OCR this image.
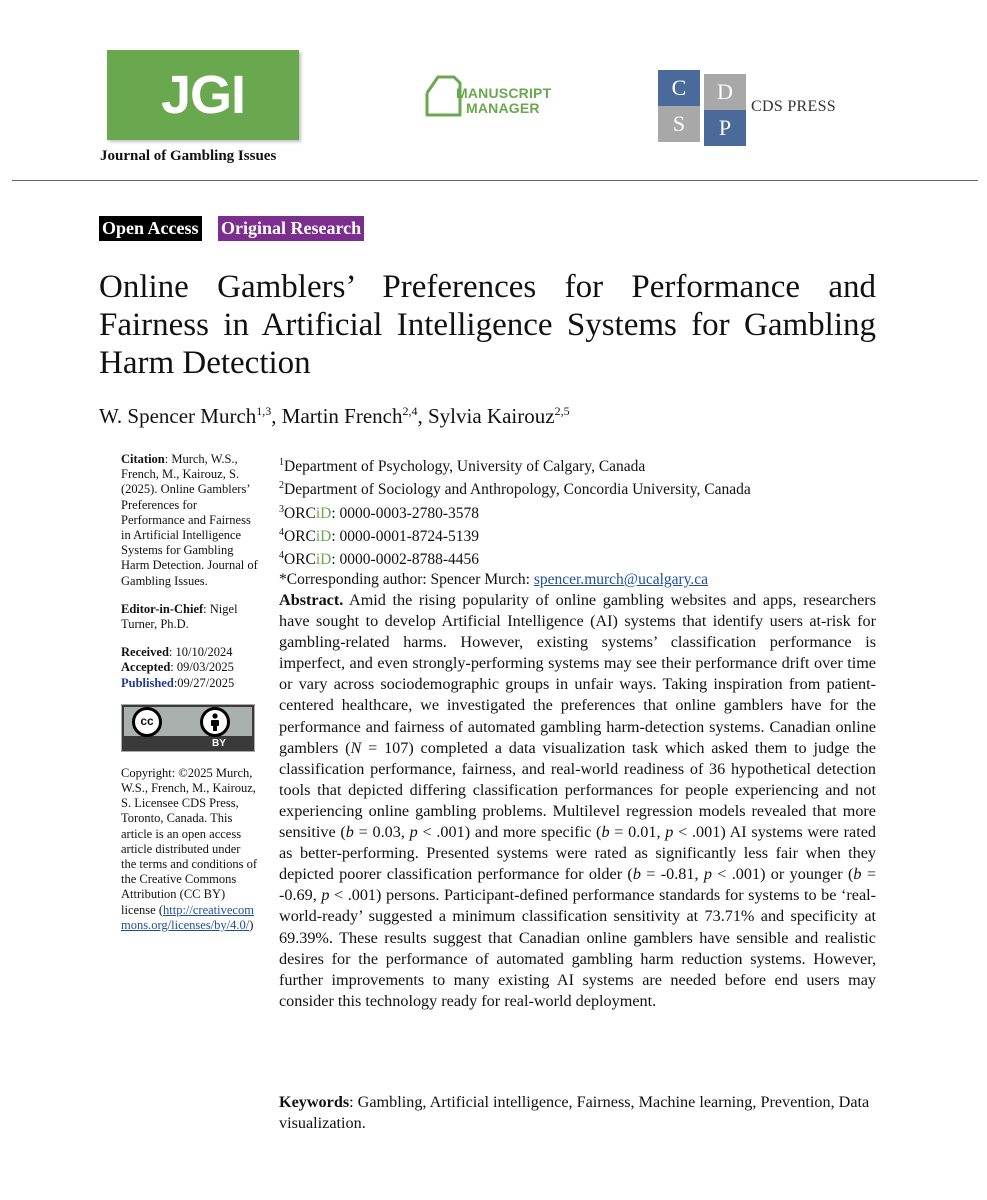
JGI
Journal of Gambling Issues
MANUSCRIPT
MANAGER
C
S
D
P
CDS PRESS
Open Access Original Research
Online Gamblers’ Preferences for Performance and Fairness in Artificial Intelligence Systems for Gambling Harm Detection
W. Spencer Murch$^{1,3}$, Martin French$^{2,4}$, Sylvia Kairouz$^{2,5}$

Citation: Murch, W.S., French, M., Kairouz, S. (2025). Online Gamblers’ Preferences for Performance and Fairness in Artificial Intelligence Systems for Gambling Harm Detection. Journal of Gambling Issues.

Editor-in-Chief: Nigel Turner, Ph.D.

Received: 10/10/2024
Accepted: 09/03/2025
Published:09/27/2025

cc
BY

Copyright: ©2025 Murch, W.S., French, M., Kairouz, S. Licensee CDS Press, Toronto, Canada. This article is an open access article distributed under the terms and conditions of the Creative Commons Attribution (CC BY) license (http://creativecommons.org/licenses/by/4.0/)

$^1$Department of Psychology, University of Calgary, Canada
$^2$Department of Sociology and Anthropology, Concordia University, Canada
$^3$ORCiD: 0000-0003-2780-3578
$^4$ORCiD: 0000-0001-8724-5139
$^4$ORCiD: 0000-0002-8788-4456
*Corresponding author: Spencer Murch: spencer.murch@ucalgary.ca

Abstract. Amid the rising popularity of online gambling websites and apps, researchers have sought to develop Artificial Intelligence (AI) systems that identify users at-risk for gambling-related harms. However, existing systems’ classification performance is imperfect, and even strongly-performing systems may see their performance drift over time or vary across sociodemographic groups in unfair ways. Taking inspiration from patient-centered healthcare, we investigated the preferences that online gamblers have for the performance and fairness of automated gambling harm-detection systems. Canadian online gamblers (N = 107) completed a data visualization task which asked them to judge the classification performance, fairness, and real-world readiness of 36 hypothetical detection tools that depicted differing classification performances for people experiencing and not experiencing online gambling problems. Multilevel regression models revealed that more sensitive (b = 0.03, p < .001) and more specific (b = 0.01, p < .001) AI systems were rated as better-performing. Presented systems were rated as significantly less fair when they depicted poorer classification performance for older (b = -0.81, p < .001) or younger (b = -0.69, p < .001) persons. Participant-defined performance standards for systems to be ‘real-world-ready’ suggested a minimum classification sensitivity at 73.71% and specificity at 69.39%. These results suggest that Canadian online gamblers have sensible and realistic desires for the performance of automated gambling harm reduction systems. However, further improvements to many existing AI systems are needed before end users may consider this technology ready for real-world deployment.

Keywords: Gambling, Artificial intelligence, Fairness, Machine learning, Prevention, Data visualization.
